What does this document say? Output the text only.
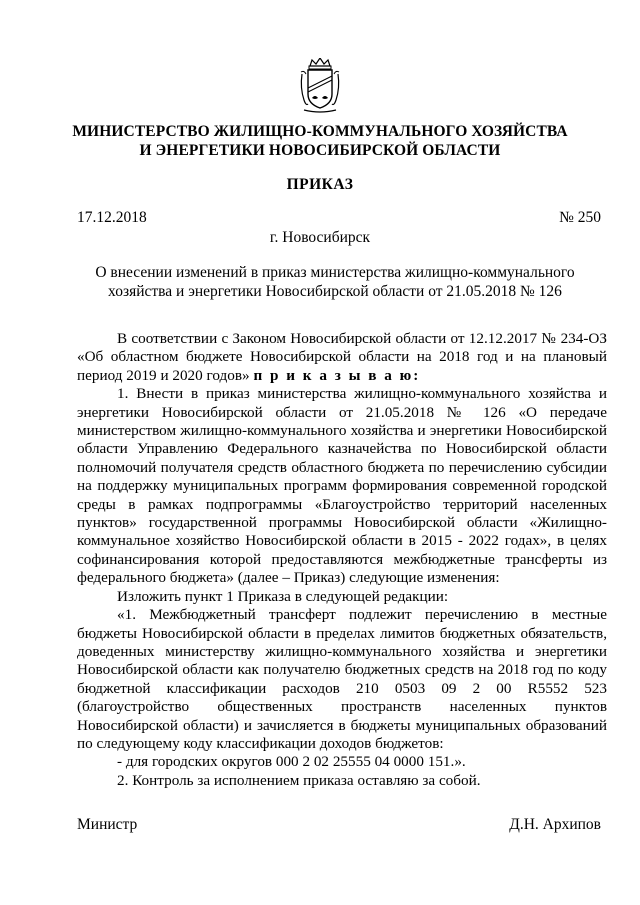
МИНИСТЕРСТВО ЖИЛИЩНО-КОММУНАЛЬНОГО ХОЗЯЙСТВА
И ЭНЕРГЕТИКИ НОВОСИБИРСКОЙ ОБЛАСТИ
ПРИКАЗ
17.12.2018	№ 250
г. Новосибирск
О внесении изменений в приказ министерства жилищно-коммунального
хозяйства и энергетики Новосибирской области от 21.05.2018 № 126

В соответствии с Законом Новосибирской области от 12.12.2017 № 234-ОЗ «Об областном бюджете Новосибирской области на 2018 год и на плановый период 2019 и 2020 годов» п р и к а з ы в а ю:

1. Внести в приказ министерства жилищно-коммунального хозяйства и энергетики Новосибирской области от 21.05.2018 № 126 «О передаче министерством жилищно-коммунального хозяйства и энергетики Новосибирской области Управлению Федерального казначейства по Новосибирской области полномочий получателя средств областного бюджета по перечислению субсидии на поддержку муниципальных программ формирования современной городской среды в рамках подпрограммы «Благоустройство территорий населенных пунктов» государственной программы Новосибирской области «Жилищно-коммунальное хозяйство Новосибирской области в 2015 - 2022 годах», в целях софинансирования которой предоставляются межбюджетные трансферты из федерального бюджета» (далее – Приказ) следующие изменения:

Изложить пункт 1 Приказа в следующей редакции:

«1. Межбюджетный трансферт подлежит перечислению в местные бюджеты Новосибирской области в пределах лимитов бюджетных обязательств, доведенных министерству жилищно-коммунального хозяйства и энергетики Новосибирской области как получателю бюджетных средств на 2018 год по коду бюджетной классификации расходов 210 0503 09 2 00 R5552 523 (благоустройство общественных пространств населенных пунктов Новосибирской области) и зачисляется в бюджеты муниципальных образований по следующему коду классификации доходов бюджетов:

- для городских округов 000 2 02 25555 04 0000 151.».

2. Контроль за исполнением приказа оставляю за собой.

Министр	Д.Н. Архипов
